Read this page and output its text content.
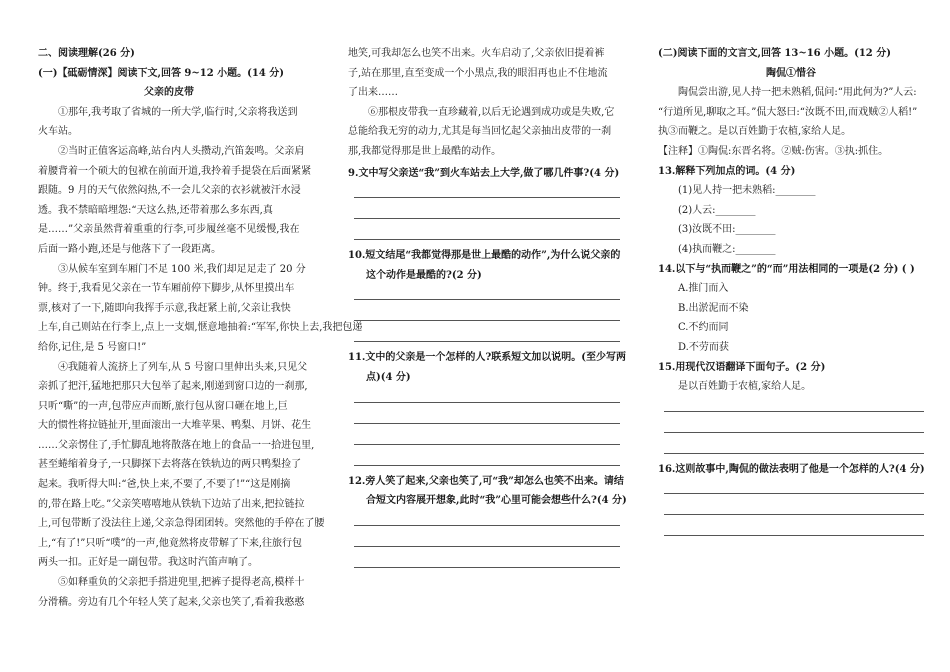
二、阅读理解(26 分)
(一)【砥砺情深】阅读下文,回答 9~12 小题。(14 分)
父亲的皮带
①那年,我考取了省城的一所大学,临行时,父亲将我送到
火车站。
②当时正值客运高峰,站台内人头攒动,汽笛轰鸣。父亲肩
着腰背着一个硕大的包袱在前面开道,我拎着手提袋在后面紧紧
跟随。9 月的天气依然闷热,不一会儿父亲的衣衫就被汗水浸
透。我不禁暗暗埋怨:“天这么热,还带着那么多东西,真
是……”父亲虽然背着重重的行李,可步履丝毫不见缓慢,我在
后面一路小跑,还是与他落下了一段距离。
③从候车室到车厢门不足 100 米,我们却足足走了 20 分
钟。终于,我看见父亲在一节车厢前停下脚步,从怀里摸出车
票,核对了一下,随即向我挥手示意,我赶紧上前,父亲让我快
上车,自己则站在行李上,点上一支烟,惬意地抽着:“军军,你快上去,我把包递
给你,记住,是 5 号窗口!”
④我随着人流挤上了列车,从 5 号窗口里伸出头来,只见父
亲抓了把汗,猛地把那只大包举了起来,刚递到窗口边的一刹那,
只听“嘶”的一声,包带应声而断,旅行包从窗口砸在地上,巨
大的惯性将拉链扯开,里面滚出一大堆苹果、鸭梨、月饼、花生
……父亲愣住了,手忙脚乱地将散落在地上的食品一一拾进包里,
甚至蜷缩着身子,一只脚探下去将落在铁轨边的两只鸭梨捡了
起来。我听得大叫:“爸,快上来,不要了,不要了!”“这是刚摘
的,带在路上吃。”父亲笑嘻嘻地从铁轨下边站了出来,把拉链拉
上,可包带断了没法往上递,父亲急得团团转。突然他的手停在了腰
上,“有了!”只听“噗”的一声,他竟然将皮带解了下来,往旅行包
两头一扣。正好是一副包带。我这时汽笛声响了。
⑤如释重负的父亲把手搭进兜里,把裤子提得老高,模样十
分滑稽。旁边有几个年轻人笑了起来,父亲也笑了,看着我憨憨
地笑,可我却怎么也笑不出来。火车启动了,父亲依旧提着裤
子,站在那里,直至变成一个小黑点,我的眼泪再也止不住地流
了出来……
⑥那根皮带我一直珍藏着,以后无论遇到成功或是失败,它
总能给我无穷的动力,尤其是每当回忆起父亲抽出皮带的一刹
那,我都觉得那是世上最酷的动作。
9.文中写父亲送“我”到火车站去上大学,做了哪几件事?(4 分)
10.短文结尾“我都觉得那是世上最酷的动作”,为什么说父亲的
这个动作是最酷的?(2 分)
11.文中的父亲是一个怎样的人?联系短文加以说明。(至少写两
点)(4 分)
12.旁人笑了起来,父亲也笑了,可“我”却怎么也笑不出来。请结
合短文内容展开想象,此时“我”心里可能会想些什么?(4 分)
(二)阅读下面的文言文,回答 13~16 小题。(12 分)
陶侃①惜谷
陶侃尝出游,见人持一把未熟稻,侃问:“用此何为?”人云:
“行道所见,聊取之耳。”侃大怒曰:“汝既不田,而戏贼②人稻!”
执③而鞭之。是以百姓勤于农植,家给人足。
【注释】①陶侃:东晋名将。②贼:伤害。③执:抓住。
13.解释下列加点的词。(4 分)
(1)见人持一把未熟稻:________
(2)人云:________
(3)汝既不田:________
(4)执而鞭之:________
14.以下与“执而鞭之”的“而”用法相同的一项是(2 分) ( )
A.推门而入
B.出淤泥而不染
C.不约而同
D.不劳而获
15.用现代汉语翻译下面句子。(2 分)
是以百姓勤于农植,家给人足。
16.这则故事中,陶侃的做法表明了他是一个怎样的人?(4 分)
